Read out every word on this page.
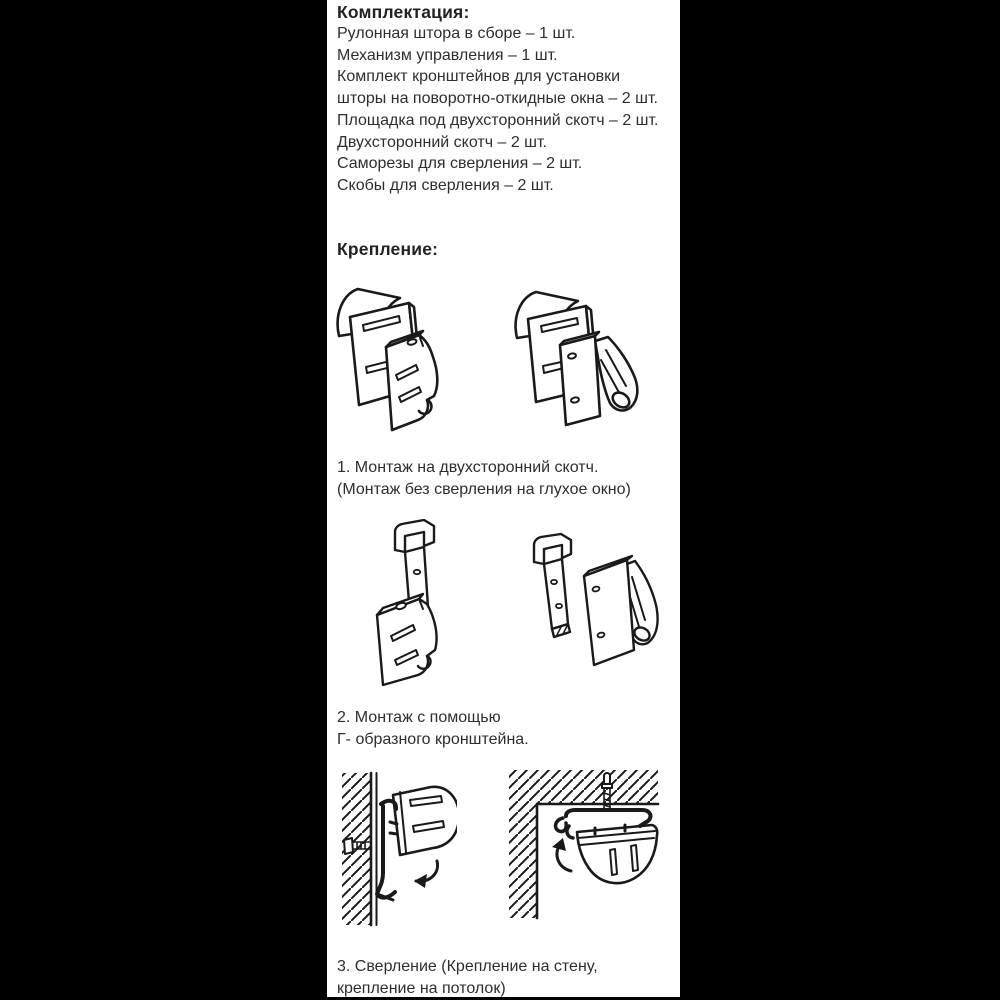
Комплектация:
Рулонная штора в сборе – 1 шт.
Механизм управления – 1 шт.
Комплект кронштейнов для установки
шторы на поворотно-откидные окна – 2 шт.
Площадка под двухсторонний скотч – 2 шт.
Двухсторонний скотч – 2 шт.
Саморезы для сверления – 2 шт.
Скобы для сверления – 2 шт.
Крепление:
1. Монтаж на двухсторонний скотч.
(Монтаж без сверления на глухое окно)
2. Монтаж с помощью
Г- образного кронштейна.
3. Сверление (Крепление на стену,
крепление на потолок)
